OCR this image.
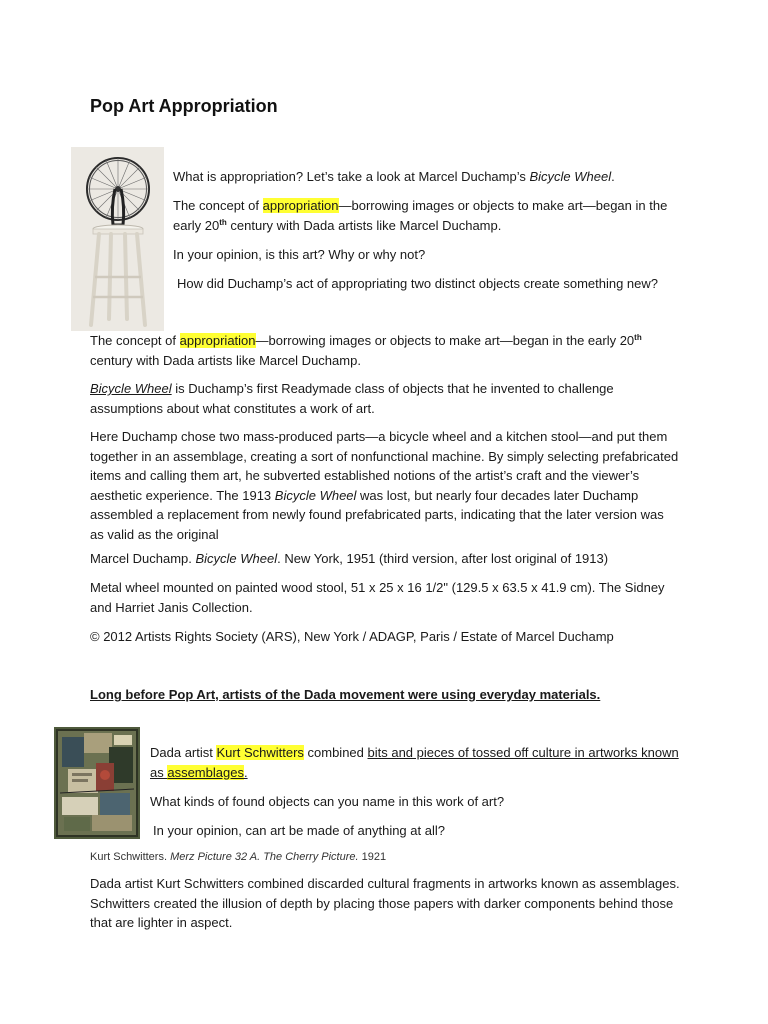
Pop Art Appropriation

What is appropriation? Let’s take a look at Marcel Duchamp’s Bicycle Wheel.

The concept of appropriation—borrowing images or objects to make art—began in the early 20th century with Dada artists like Marcel Duchamp.

In your opinion, is this art? Why or why not?

How did Duchamp’s act of appropriating two distinct objects create something new?

The concept of appropriation—borrowing images or objects to make art—began in the early 20th century with Dada artists like Marcel Duchamp.

Bicycle Wheel is Duchamp’s first Readymade class of objects that he invented to challenge assumptions about what constitutes a work of art.

Here Duchamp chose two mass-produced parts—a bicycle wheel and a kitchen stool—and put them together in an assemblage, creating a sort of nonfunctional machine. By simply selecting prefabricated items and calling them art, he subverted established notions of the artist’s craft and the viewer’s aesthetic experience. The 1913 Bicycle Wheel was lost, but nearly four decades later Duchamp assembled a replacement from newly found prefabricated parts, indicating that the later version was as valid as the original

Marcel Duchamp. Bicycle Wheel. New York, 1951 (third version, after lost original of 1913)

Metal wheel mounted on painted wood stool, 51 x 25 x 16 1/2" (129.5 x 63.5 x 41.9 cm). The Sidney and Harriet Janis Collection.

© 2012 Artists Rights Society (ARS), New York / ADAGP, Paris / Estate of Marcel Duchamp

Long before Pop Art, artists of the Dada movement were using everyday materials.

Dada artist Kurt Schwitters combined bits and pieces of tossed off culture in artworks known as assemblages.

What kinds of found objects can you name in this work of art?

In your opinion, can art be made of anything at all?

Kurt Schwitters. Merz Picture 32 A. The Cherry Picture. 1921

Dada artist Kurt Schwitters combined discarded cultural fragments in artworks known as assemblages. Schwitters created the illusion of depth by placing those papers with darker components behind those that are lighter in aspect.
